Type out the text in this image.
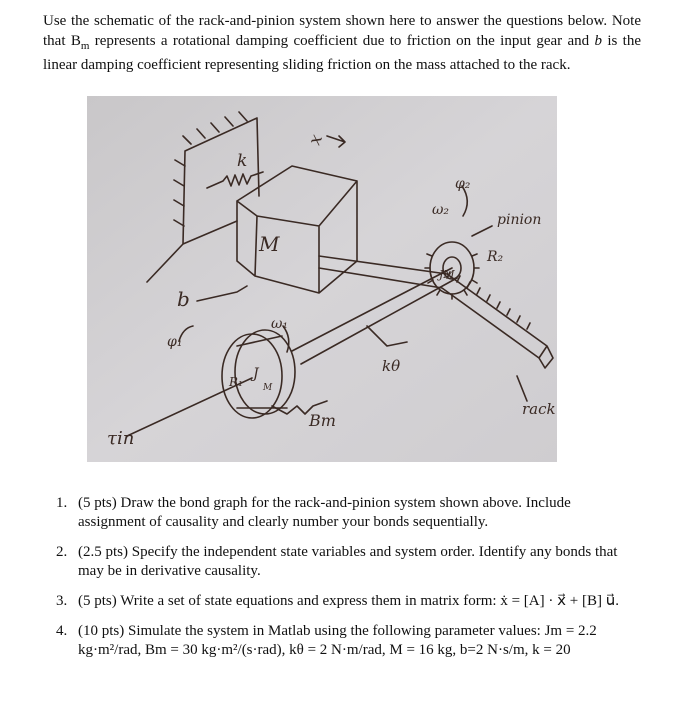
Use the schematic of the rack-and-pinion system shown here to answer the questions below. Note that $B_m$ represents a rotational damping coefficient due to friction on the input gear and b is the linear damping coefficient representing sliding friction on the mass attached to the rack.
k
x
ω₂
φ₂
pinion
R₂
M
JM
b
ω₁
φ₁
R₁ J
M
kθ
rack
τin
Bm
1. (5 pts) Draw the bond graph for the rack-and-pinion system shown above. Include assignment of causality and clearly number your bonds sequentially.
2. (2.5 pts) Specify the independent state variables and system order. Identify any bonds that may be in derivative causality.
3. (5 pts) Write a set of state equations and express them in matrix form: ẋ = [A] · x⃗ + [B] u⃗.
4. (10 pts) Simulate the system in Matlab using the following parameter values: Jm = 2.2 kg·m²/rad, Bm = 30 kg·m²/(s·rad), kθ = 2 N·m/rad, M = 16 kg, b=2 N·s/m, k = 20
